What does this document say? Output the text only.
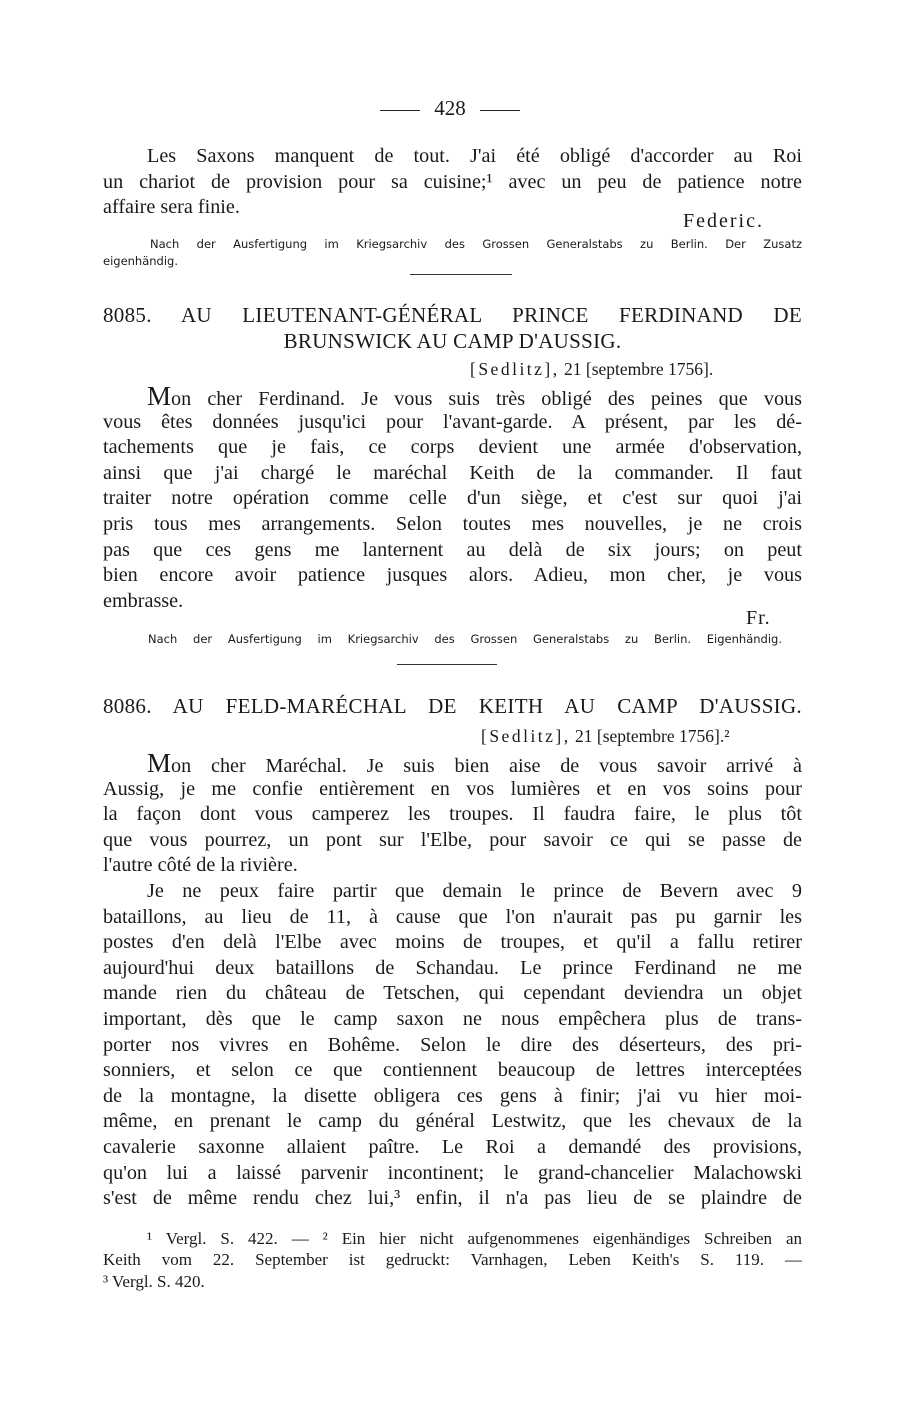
428
Les Saxons manquent de tout. J'ai été obligé d'accorder au Roi
un chariot de provision pour sa cuisine;¹ avec un peu de patience notre
affaire sera finie.
Federic.
Nach der Ausfertigung im Kriegsarchiv des Grossen Generalstabs zu Berlin. Der Zusatz
eigenhändig.
8085. AU LIEUTENANT-GÉNÉRAL PRINCE FERDINAND DE
BRUNSWICK AU CAMP D'AUSSIG.
[Sedlitz], 21 [septembre 1756].
Mon cher Ferdinand. Je vous suis très obligé des peines que vous
vous êtes données jusqu'ici pour l'avant-garde. A présent, par les dé-
tachements que je fais, ce corps devient une armée d'observation,
ainsi que j'ai chargé le maréchal Keith de la commander. Il faut
traiter notre opération comme celle d'un siège, et c'est sur quoi j'ai
pris tous mes arrangements. Selon toutes mes nouvelles, je ne crois
pas que ces gens me lanternent au delà de six jours; on peut
bien encore avoir patience jusques alors. Adieu, mon cher, je vous
embrasse.
Fr.
Nach der Ausfertigung im Kriegsarchiv des Grossen Generalstabs zu Berlin. Eigenhändig.
8086. AU FELD-MARÉCHAL DE KEITH AU CAMP D'AUSSIG.
[Sedlitz], 21 [septembre 1756].²
Mon cher Maréchal. Je suis bien aise de vous savoir arrivé à
Aussig, je me confie entièrement en vos lumières et en vos soins pour
la façon dont vous camperez les troupes. Il faudra faire, le plus tôt
que vous pourrez, un pont sur l'Elbe, pour savoir ce qui se passe de
l'autre côté de la rivière.
Je ne peux faire partir que demain le prince de Bevern avec 9
bataillons, au lieu de 11, à cause que l'on n'aurait pas pu garnir les
postes d'en delà l'Elbe avec moins de troupes, et qu'il a fallu retirer
aujourd'hui deux bataillons de Schandau. Le prince Ferdinand ne me
mande rien du château de Tetschen, qui cependant deviendra un objet
important, dès que le camp saxon ne nous empêchera plus de trans-
porter nos vivres en Bohême. Selon le dire des déserteurs, des pri-
sonniers, et selon ce que contiennent beaucoup de lettres interceptées
de la montagne, la disette obligera ces gens à finir; j'ai vu hier moi-
même, en prenant le camp du général Lestwitz, que les chevaux de la
cavalerie saxonne allaient paître. Le Roi a demandé des provisions,
qu'on lui a laissé parvenir incontinent; le grand-chancelier Malachowski
s'est de même rendu chez lui,³ enfin, il n'a pas lieu de se plaindre de
¹ Vergl. S. 422. — ² Ein hier nicht aufgenommenes eigenhändiges Schreiben an
Keith vom 22. September ist gedruckt: Varnhagen, Leben Keith's S. 119. —
³ Vergl. S. 420.
